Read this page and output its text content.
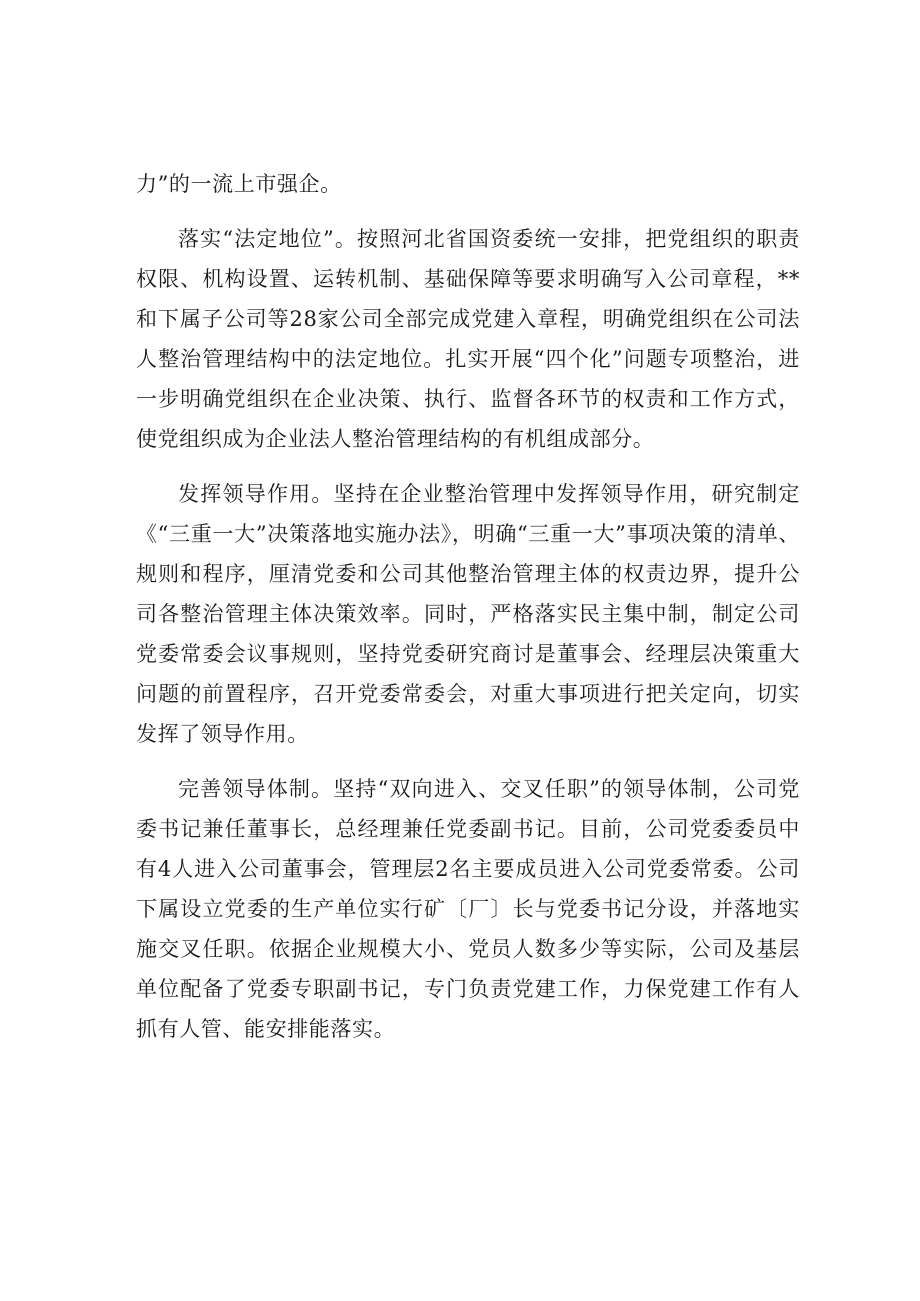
力”的一流上市强企。

落实“法定地位”。按照河北省国资委统一安排，把党组织的职责权限、机构设置、运转机制、基础保障等要求明确写入公司章程，**和下属子公司等28家公司全部完成党建入章程，明确党组织在公司法人整治管理结构中的法定地位。扎实开展“四个化”问题专项整治，进一步明确党组织在企业决策、执行、监督各环节的权责和工作方式，使党组织成为企业法人整治管理结构的有机组成部分。

发挥领导作用。坚持在企业整治管理中发挥领导作用，研究制定《“三重一大”决策落地实施办法》，明确“三重一大”事项决策的清单、规则和程序，厘清党委和公司其他整治管理主体的权责边界，提升公司各整治管理主体决策效率。同时，严格落实民主集中制，制定公司党委常委会议事规则，坚持党委研究商讨是董事会、经理层决策重大问题的前置程序，召开党委常委会，对重大事项进行把关定向，切实发挥了领导作用。

完善领导体制。坚持“双向进入、交叉任职”的领导体制，公司党委书记兼任董事长，总经理兼任党委副书记。目前，公司党委委员中有4人进入公司董事会，管理层2名主要成员进入公司党委常委。公司下属设立党委的生产单位实行矿〔厂〕长与党委书记分设，并落地实施交叉任职。依据企业规模大小、党员人数多少等实际，公司及基层单位配备了党委专职副书记，专门负责党建工作，力保党建工作有人抓有人管、能安排能落实。
